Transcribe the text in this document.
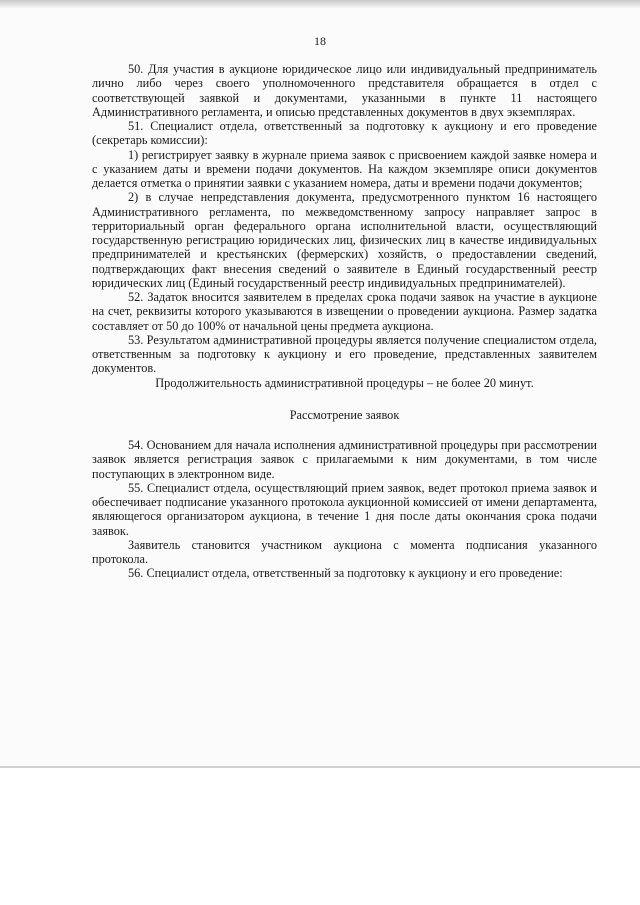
18

50. Для участия в аукционе юридическое лицо или индивидуальный предприниматель лично либо через своего уполномоченного представителя обращается в отдел с соответствующей заявкой и документами, указанными в пункте 11 настоящего Административного регламента, и описью представленных документов в двух экземплярах.

51. Специалист отдела, ответственный за подготовку к аукциону и его проведение (секретарь комиссии):

1) регистрирует заявку в журнале приема заявок с присвоением каждой заявке номера и с указанием даты и времени подачи документов. На каждом экземпляре описи документов делается отметка о принятии заявки с указанием номера, даты и времени подачи документов;

2) в случае непредставления документа, предусмотренного пунктом 16 настоящего Административного регламента, по межведомственному запросу направляет запрос в территориальный орган федерального органа исполнительной власти, осуществляющий государственную регистрацию юридических лиц, физических лиц в качестве индивидуальных предпринимателей и крестьянских (фермерских) хозяйств, о предоставлении сведений, подтверждающих факт внесения сведений о заявителе в Единый государственный реестр юридических лиц (Единый государственный реестр индивидуальных предпринимателей).

52. Задаток вносится заявителем в пределах срока подачи заявок на участие в аукционе на счет, реквизиты которого указываются в извещении о проведении аукциона. Размер задатка составляет от 50 до 100% от начальной цены предмета аукциона.

53. Результатом административной процедуры является получение специалистом отдела, ответственным за подготовку к аукциону и его проведение, представленных заявителем документов.

Продолжительность административной процедуры – не более 20 минут.

Рассмотрение заявок

54. Основанием для начала исполнения административной процедуры при рассмотрении заявок является регистрация заявок с прилагаемыми к ним документами, в том числе поступающих в электронном виде.

55. Специалист отдела, осуществляющий прием заявок, ведет протокол приема заявок и обеспечивает подписание указанного протокола аукционной комиссией от имени департамента, являющегося организатором аукциона, в течение 1 дня после даты окончания срока подачи заявок.

Заявитель становится участником аукциона с момента подписания указанного протокола.

56. Специалист отдела, ответственный за подготовку к аукциону и его проведение:
